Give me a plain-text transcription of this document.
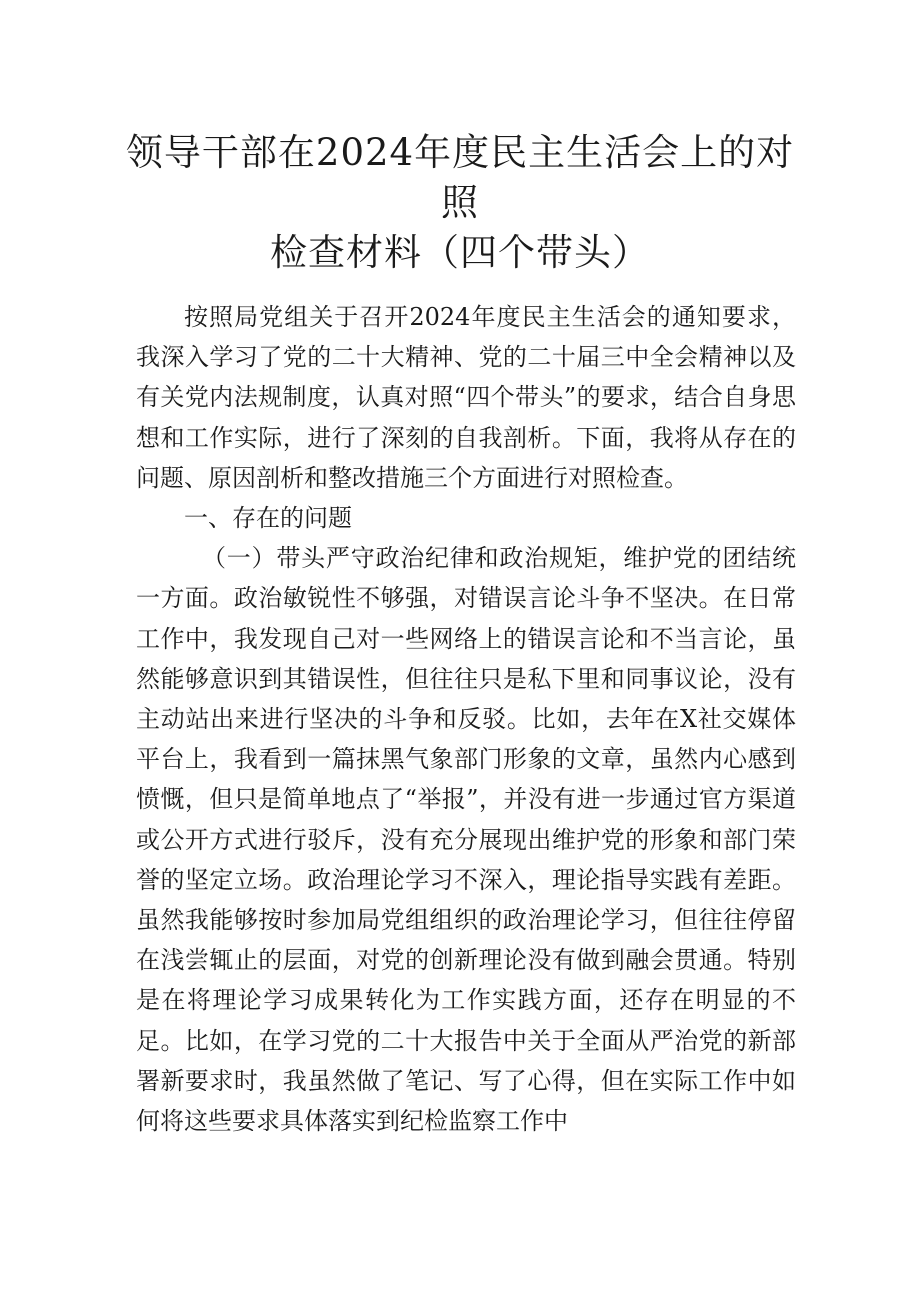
领导干部在2024年度民主生活会上的对照
检查材料（四个带头）

按照局党组关于召开2024年度民主生活会的通知要求，我深入学习了党的二十大精神、党的二十届三中全会精神以及有关党内法规制度，认真对照“四个带头”的要求，结合自身思想和工作实际，进行了深刻的自我剖析。下面，我将从存在的问题、原因剖析和整改措施三个方面进行对照检查。

一、存在的问题

（一）带头严守政治纪律和政治规矩，维护党的团结统一方面。政治敏锐性不够强，对错误言论斗争不坚决。在日常工作中，我发现自己对一些网络上的错误言论和不当言论，虽然能够意识到其错误性，但往往只是私下里和同事议论，没有主动站出来进行坚决的斗争和反驳。比如，去年在X社交媒体平台上，我看到一篇抹黑气象部门形象的文章，虽然内心感到愤慨，但只是简单地点了“举报”，并没有进一步通过官方渠道或公开方式进行驳斥，没有充分展现出维护党的形象和部门荣誉的坚定立场。政治理论学习不深入，理论指导实践有差距。虽然我能够按时参加局党组组织的政治理论学习，但往往停留在浅尝辄止的层面，对党的创新理论没有做到融会贯通。特别是在将理论学习成果转化为工作实践方面，还存在明显的不足。比如，在学习党的二十大报告中关于全面从严治党的新部署新要求时，我虽然做了笔记、写了心得，但在实际工作中如何将这些要求具体落实到纪检监察工作中
